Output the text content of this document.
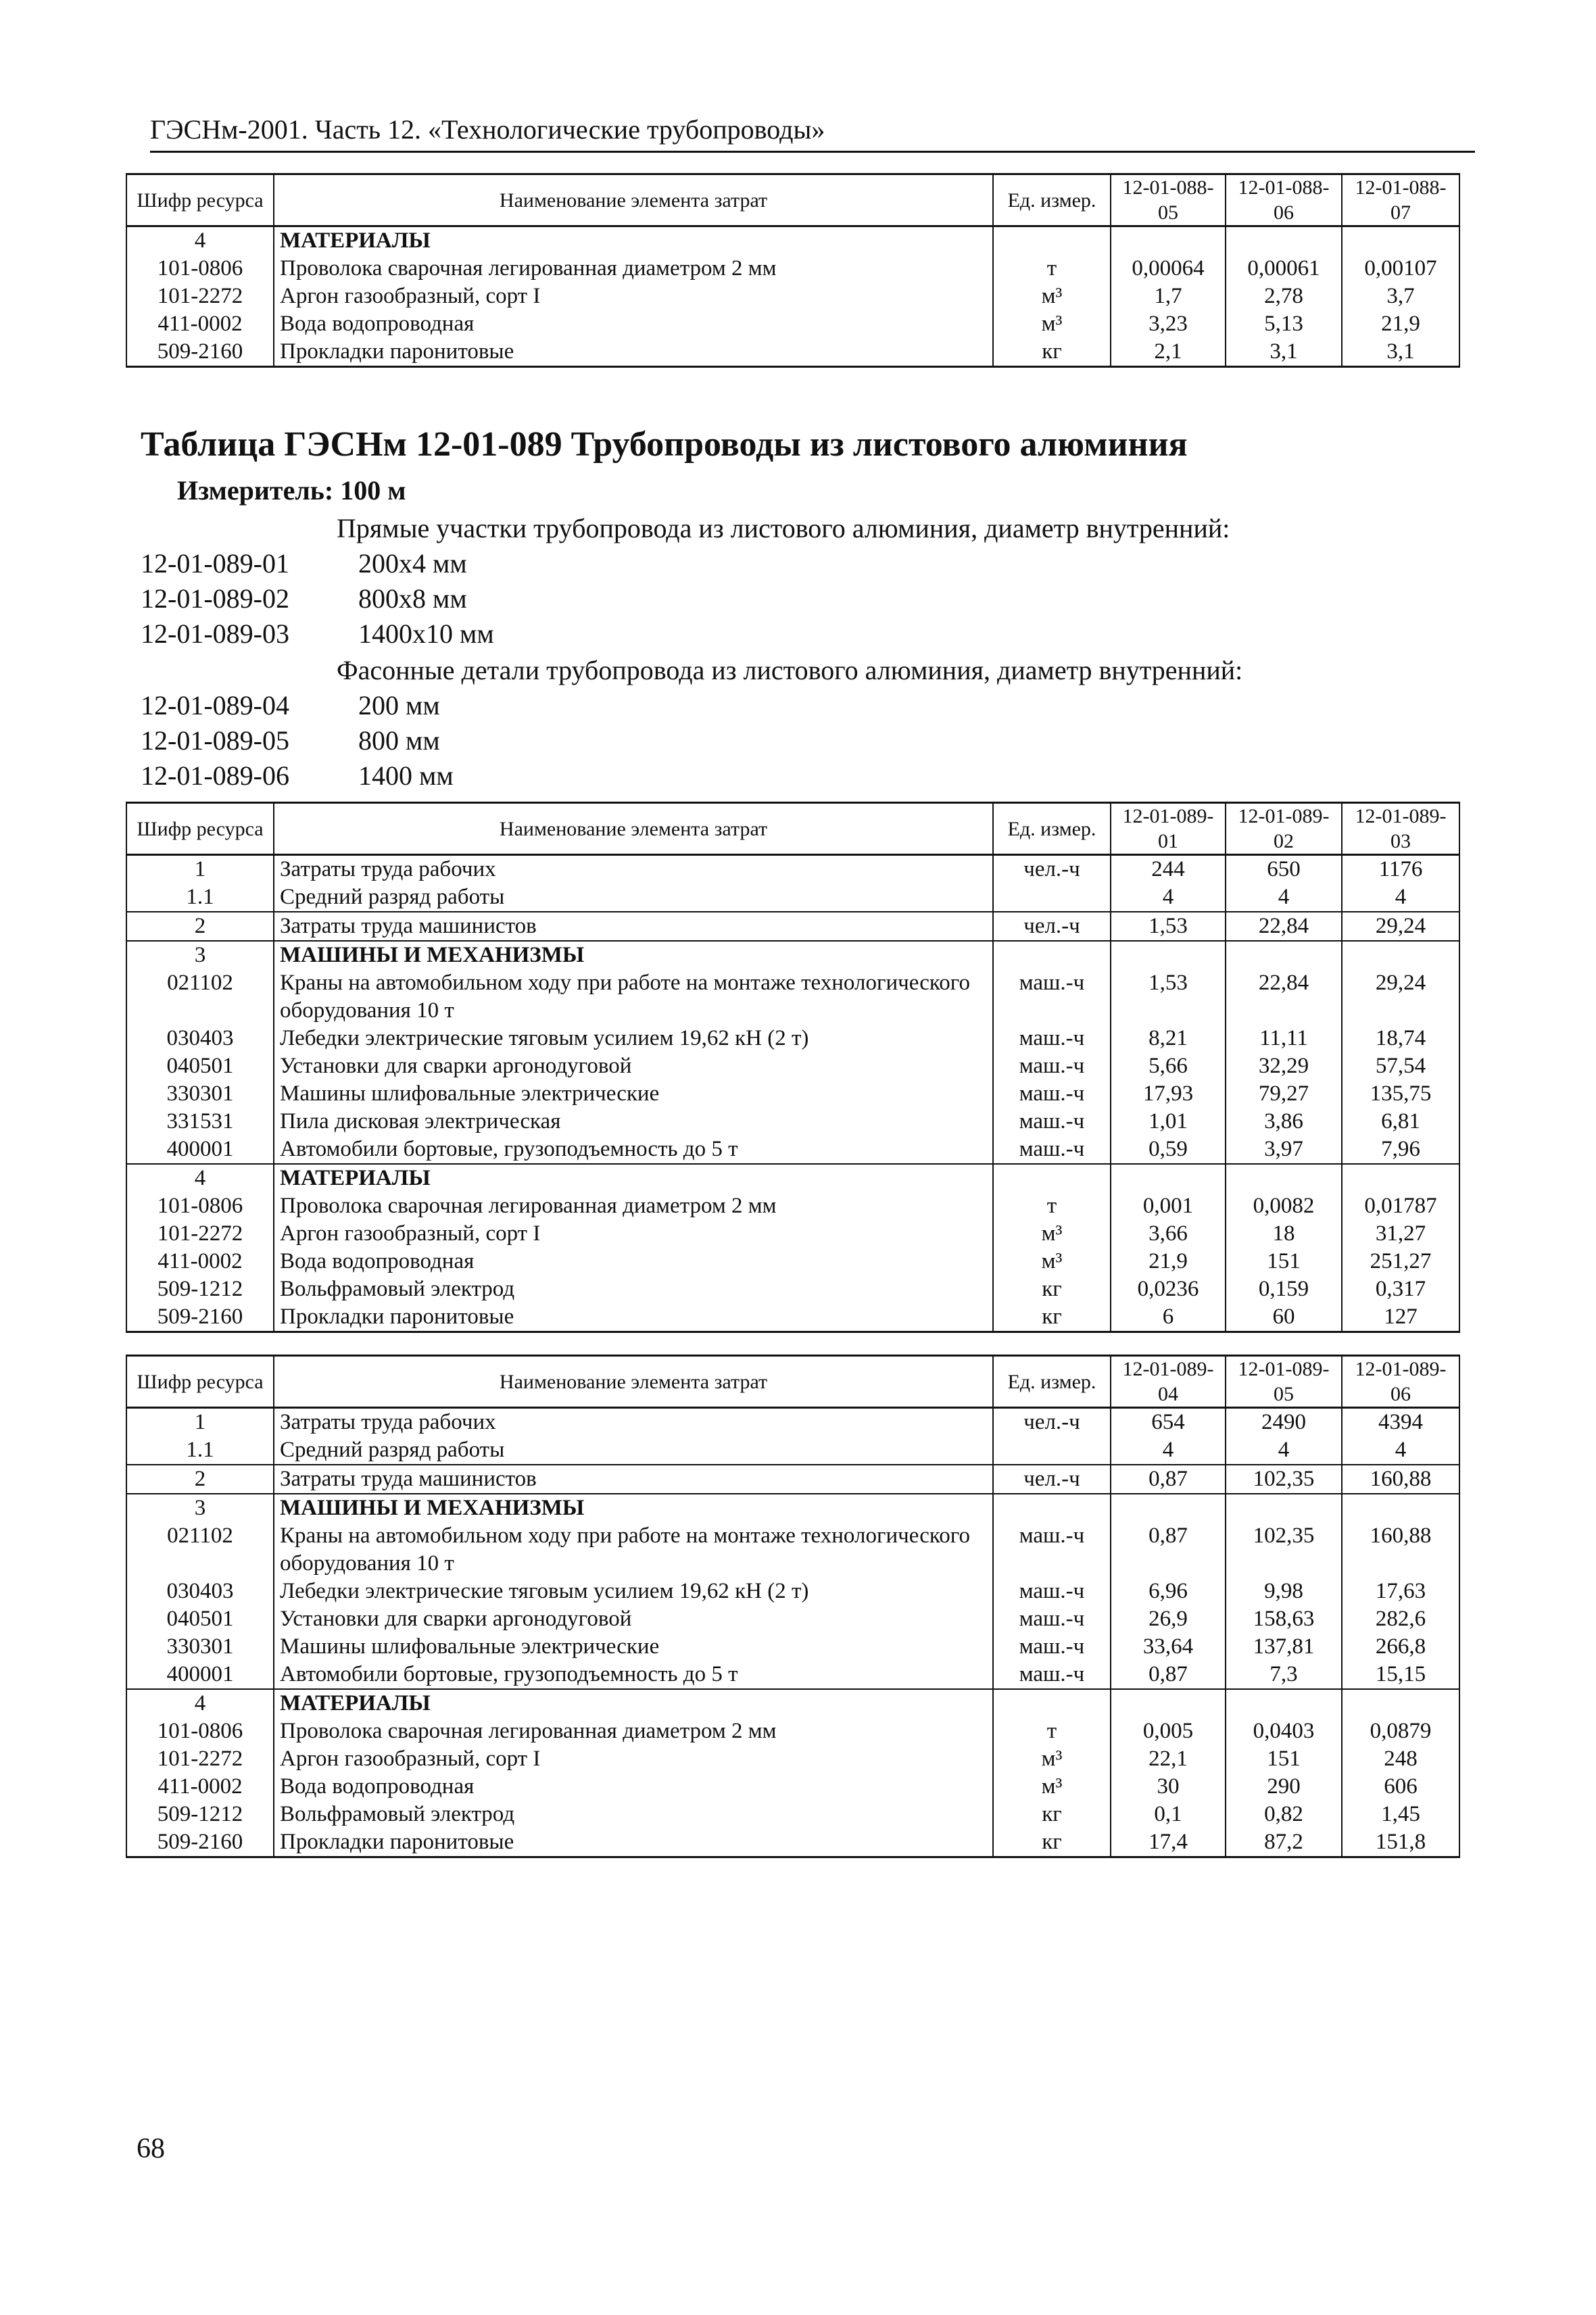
ГЭСНм-2001. Часть 12. «Технологические трубопроводы»
Шифр ресурса	Наименование элемента затрат	Ед. измер.	12-01-088-05	12-01-088-06	12-01-088-07
4	МАТЕРИАЛЫ				
101-0806	Проволока сварочная легированная диаметром 2 мм	т	0,00064	0,00061	0,00107
101-2272	Аргон газообразный, сорт I	м³	1,7	2,78	3,7
411-0002	Вода водопроводная	м³	3,23	5,13	21,9
509-2160	Прокладки паронитовые	кг	2,1	3,1	3,1
Таблица ГЭСНм 12-01-089 Трубопроводы из листового алюминия
Измеритель: 100 м
Прямые участки трубопровода из листового алюминия, диаметр внутренний:
12-01-089-01	200х4 мм
12-01-089-02	800х8 мм
12-01-089-03	1400х10 мм
Фасонные детали трубопровода из листового алюминия, диаметр внутренний:
12-01-089-04	200 мм
12-01-089-05	800 мм
12-01-089-06	1400 мм
Шифр ресурса	Наименование элемента затрат	Ед. измер.	12-01-089-01	12-01-089-02	12-01-089-03
1	Затраты труда рабочих	чел.-ч	244	650	1176
1.1	Средний разряд работы		4	4	4
2	Затраты труда машинистов	чел.-ч	1,53	22,84	29,24
3	МАШИНЫ И МЕХАНИЗМЫ				
021102	Краны на автомобильном ходу при работе на монтаже технологического оборудования 10 т	маш.-ч	1,53	22,84	29,24
030403	Лебедки электрические тяговым усилием 19,62 кН (2 т)	маш.-ч	8,21	11,11	18,74
040501	Установки для сварки аргонодуговой	маш.-ч	5,66	32,29	57,54
330301	Машины шлифовальные электрические	маш.-ч	17,93	79,27	135,75
331531	Пила дисковая электрическая	маш.-ч	1,01	3,86	6,81
400001	Автомобили бортовые, грузоподъемность до 5 т	маш.-ч	0,59	3,97	7,96
4	МАТЕРИАЛЫ				
101-0806	Проволока сварочная легированная диаметром 2 мм	т	0,001	0,0082	0,01787
101-2272	Аргон газообразный, сорт I	м³	3,66	18	31,27
411-0002	Вода водопроводная	м³	21,9	151	251,27
509-1212	Вольфрамовый электрод	кг	0,0236	0,159	0,317
509-2160	Прокладки паронитовые	кг	6	60	127
Шифр ресурса	Наименование элемента затрат	Ед. измер.	12-01-089-04	12-01-089-05	12-01-089-06
1	Затраты труда рабочих	чел.-ч	654	2490	4394
1.1	Средний разряд работы		4	4	4
2	Затраты труда машинистов	чел.-ч	0,87	102,35	160,88
3	МАШИНЫ И МЕХАНИЗМЫ				
021102	Краны на автомобильном ходу при работе на монтаже технологического оборудования 10 т	маш.-ч	0,87	102,35	160,88
030403	Лебедки электрические тяговым усилием 19,62 кН (2 т)	маш.-ч	6,96	9,98	17,63
040501	Установки для сварки аргонодуговой	маш.-ч	26,9	158,63	282,6
330301	Машины шлифовальные электрические	маш.-ч	33,64	137,81	266,8
400001	Автомобили бортовые, грузоподъемность до 5 т	маш.-ч	0,87	7,3	15,15
4	МАТЕРИАЛЫ				
101-0806	Проволока сварочная легированная диаметром 2 мм	т	0,005	0,0403	0,0879
101-2272	Аргон газообразный, сорт I	м³	22,1	151	248
411-0002	Вода водопроводная	м³	30	290	606
509-1212	Вольфрамовый электрод	кг	0,1	0,82	1,45
509-2160	Прокладки паронитовые	кг	17,4	87,2	151,8
68
